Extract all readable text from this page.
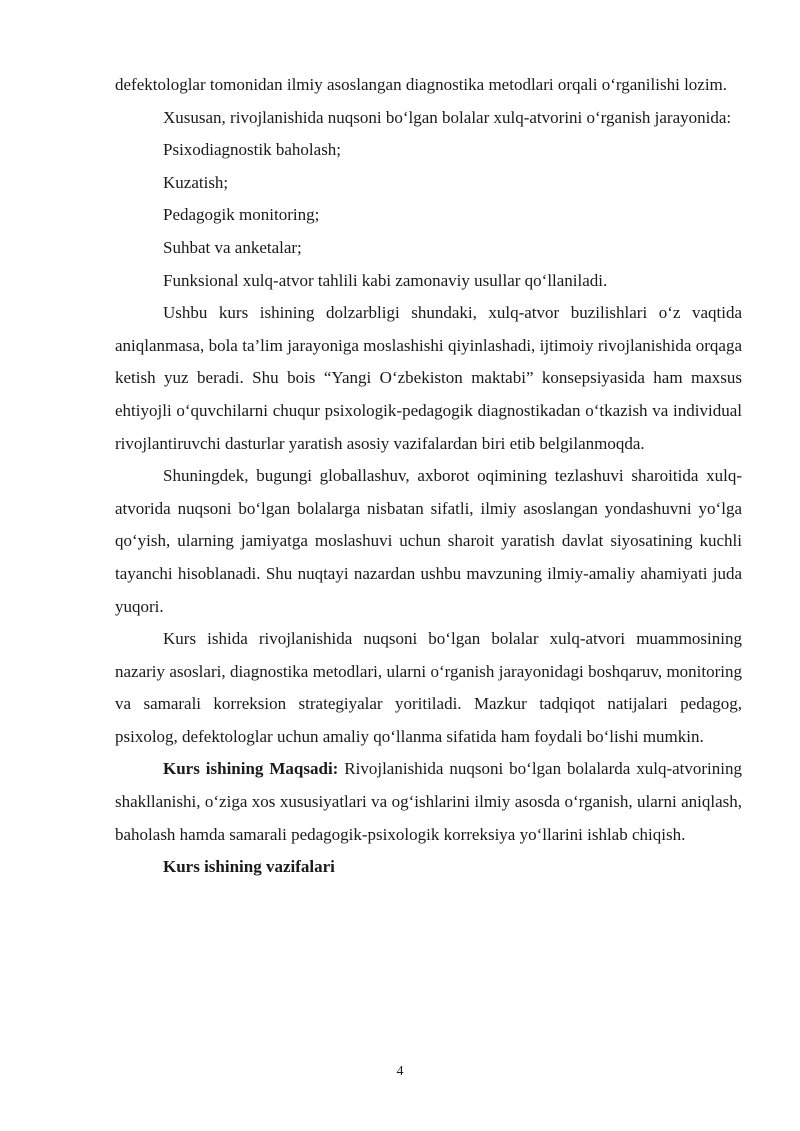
defektologlar tomonidan ilmiy asoslangan diagnostika metodlari orqali o‘rganilishi lozim.

Xususan, rivojlanishida nuqsoni bo‘lgan bolalar xulq-atvorini o‘rganish jarayonida:

Psixodiagnostik baholash;

Kuzatish;

Pedagogik monitoring;

Suhbat va anketalar;

Funksional xulq-atvor tahlili kabi zamonaviy usullar qo‘llaniladi.

Ushbu kurs ishining dolzarbligi shundaki, xulq-atvor buzilishlari o‘z vaqtida aniqlanmasa, bola ta’lim jarayoniga moslashishi qiyinlashadi, ijtimoiy rivojlanishida orqaga ketish yuz beradi. Shu bois “Yangi O‘zbekiston maktabi” konsepsiyasida ham maxsus ehtiyojli o‘quvchilarni chuqur psixologik-pedagogik diagnostikadan o‘tkazish va individual rivojlantiruvchi dasturlar yaratish asosiy vazifalardan biri etib belgilanmoqda.

Shuningdek, bugungi globallashuv, axborot oqimining tezlashuvi sharoitida xulq-atvorida nuqsoni bo‘lgan bolalarga nisbatan sifatli, ilmiy asoslangan yondashuvni yo‘lga qo‘yish, ularning jamiyatga moslashuvi uchun sharoit yaratish davlat siyosatining kuchli tayanchi hisoblanadi. Shu nuqtayi nazardan ushbu mavzuning ilmiy-amaliy ahamiyati juda yuqori.

Kurs ishida rivojlanishida nuqsoni bo‘lgan bolalar xulq-atvori muammosining nazariy asoslari, diagnostika metodlari, ularni o‘rganish jarayonidagi boshqaruv, monitoring va samarali korreksion strategiyalar yoritiladi. Mazkur tadqiqot natijalari pedagog, psixolog, defektologlar uchun amaliy qo‘llanma sifatida ham foydali bo‘lishi mumkin.

Kurs ishining Maqsadi: Rivojlanishida nuqsoni bo‘lgan bolalarda xulq-atvorining shakllanishi, o‘ziga xos xususiyatlari va og‘ishlarini ilmiy asosda o‘rganish, ularni aniqlash, baholash hamda samarali pedagogik-psixologik korreksiya yo‘llarini ishlab chiqish.

Kurs ishining vazifalari

4
